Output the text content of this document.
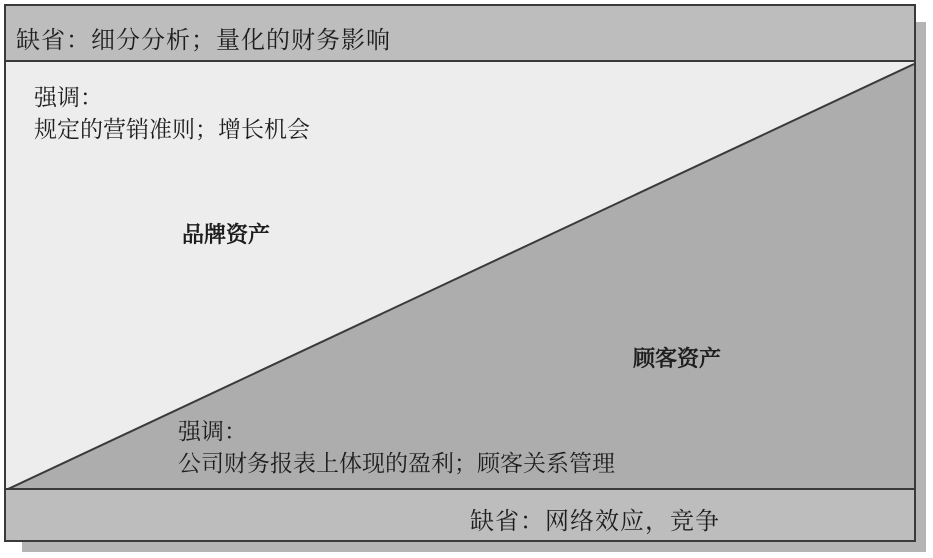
缺省：细分分析；量化的财务影响
强调：
规定的营销准则；增长机会
品牌资产
顾客资产
强调：
公司财务报表上体现的盈利；顾客关系管理
缺省：网络效应，竞争
